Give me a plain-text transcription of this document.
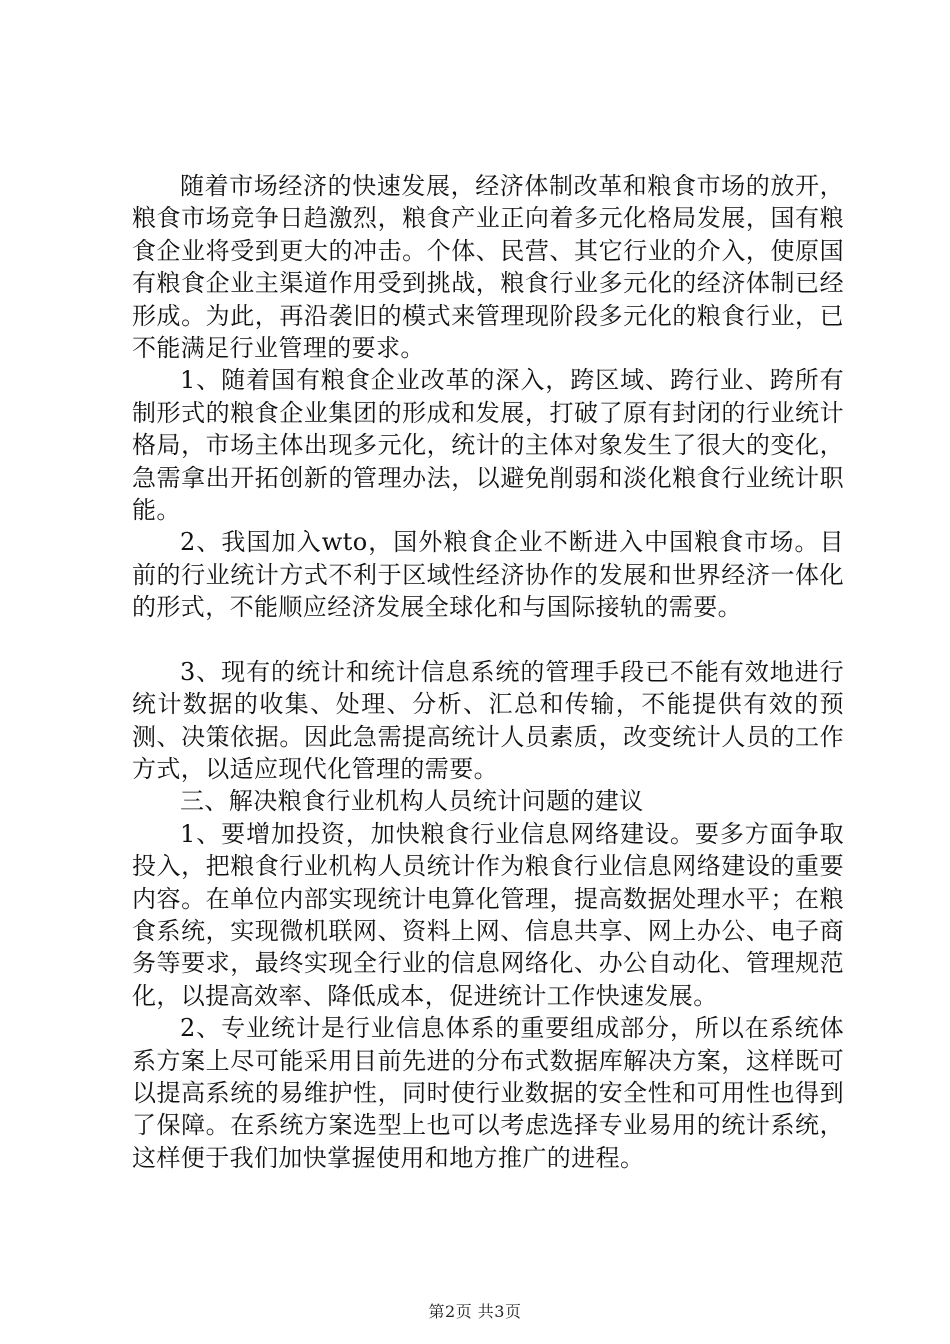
随着市场经济的快速发展，经济体制改革和粮食市场的放开，粮食市场竞争日趋激烈，粮食产业正向着多元化格局发展，国有粮食企业将受到更大的冲击。个体、民营、其它行业的介入，使原国有粮食企业主渠道作用受到挑战，粮食行业多元化的经济体制已经形成。为此，再沿袭旧的模式来管理现阶段多元化的粮食行业，已不能满足行业管理的要求。

1、随着国有粮食企业改革的深入，跨区域、跨行业、跨所有制形式的粮食企业集团的形成和发展，打破了原有封闭的行业统计格局，市场主体出现多元化，统计的主体对象发生了很大的变化，急需拿出开拓创新的管理办法，以避免削弱和淡化粮食行业统计职能。

2、我国加入wto，国外粮食企业不断进入中国粮食市场。目前的行业统计方式不利于区域性经济协作的发展和世界经济一体化的形式，不能顺应经济发展全球化和与国际接轨的需要。

3、现有的统计和统计信息系统的管理手段已不能有效地进行统计数据的收集、处理、分析、汇总和传输，不能提供有效的预测、决策依据。因此急需提高统计人员素质，改变统计人员的工作方式，以适应现代化管理的需要。

三、解决粮食行业机构人员统计问题的建议

1、要增加投资，加快粮食行业信息网络建设。要多方面争取投入，把粮食行业机构人员统计作为粮食行业信息网络建设的重要内容。在单位内部实现统计电算化管理，提高数据处理水平；在粮食系统，实现微机联网、资料上网、信息共享、网上办公、电子商务等要求，最终实现全行业的信息网络化、办公自动化、管理规范化，以提高效率、降低成本，促进统计工作快速发展。

2、专业统计是行业信息体系的重要组成部分，所以在系统体系方案上尽可能采用目前先进的分布式数据库解决方案，这样既可以提高系统的易维护性，同时使行业数据的安全性和可用性也得到了保障。在系统方案选型上也可以考虑选择专业易用的统计系统，这样便于我们加快掌握使用和地方推广的进程。

第2页 共3页
